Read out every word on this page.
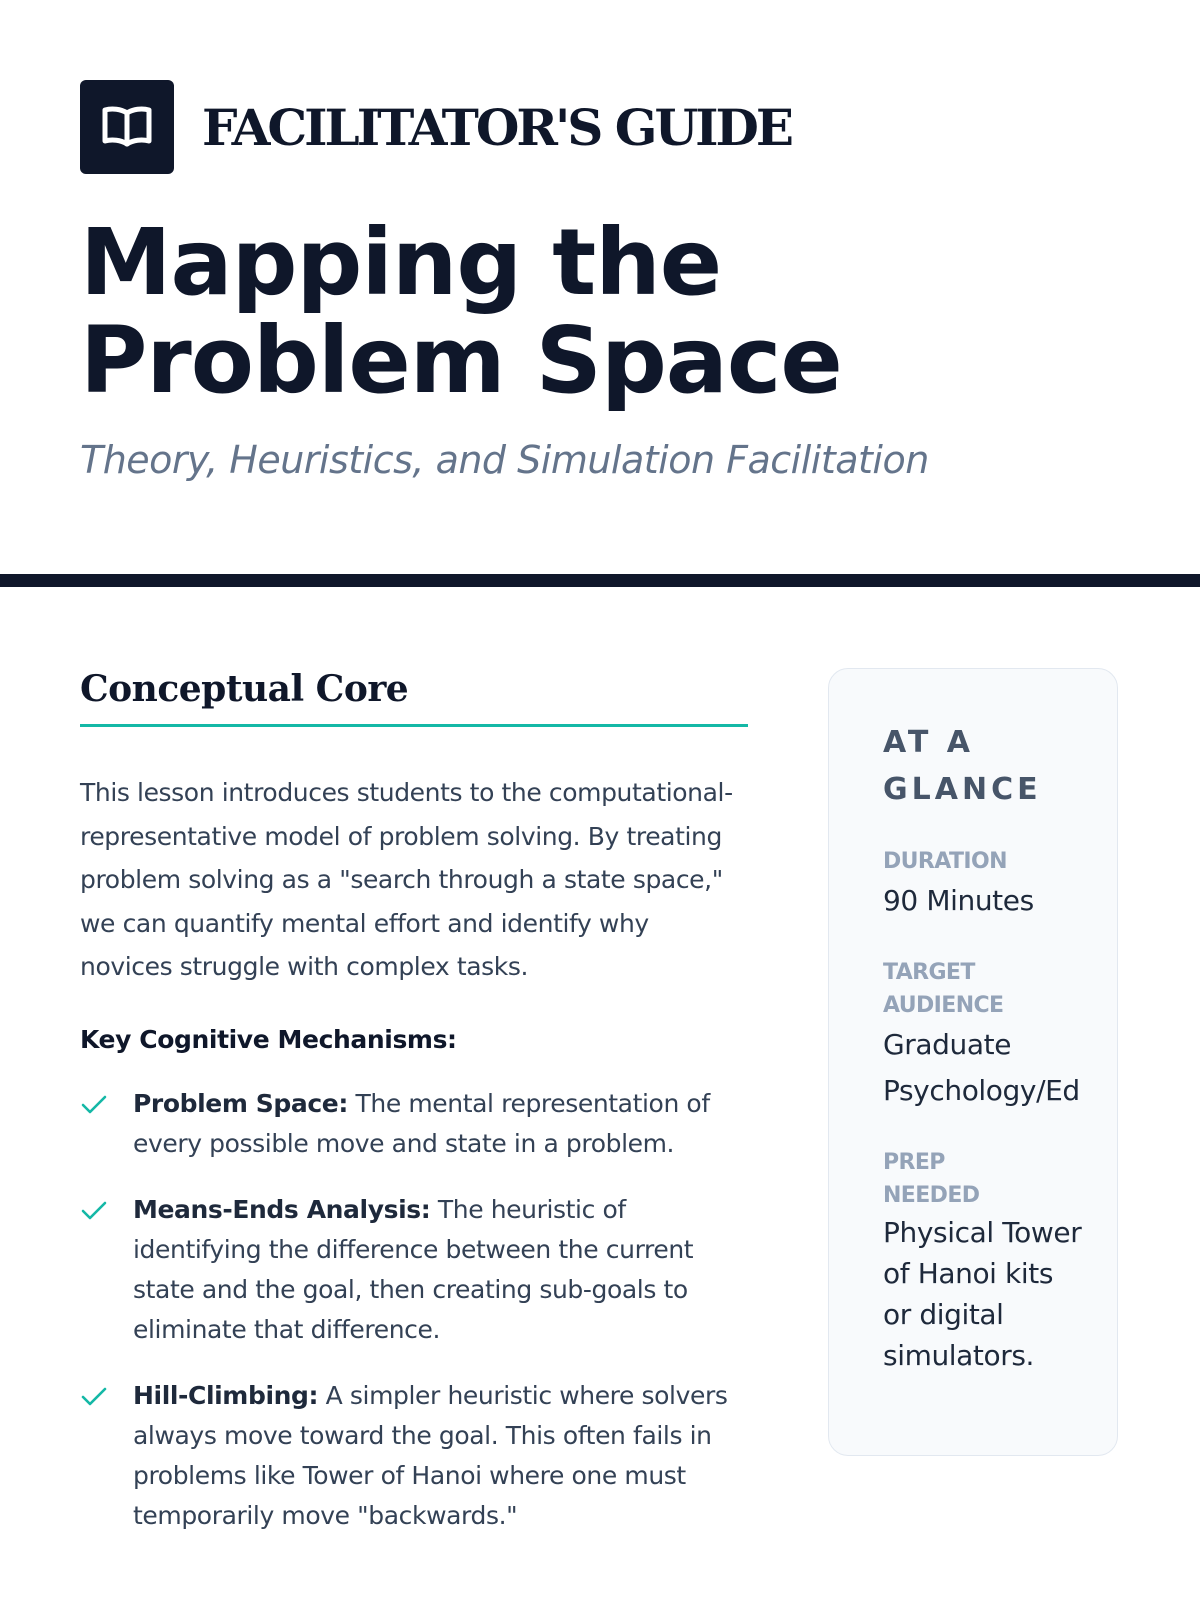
FACILITATOR'S GUIDE
Mapping the
Problem Space
Theory, Heuristics, and Simulation Facilitation
Conceptual Core

This lesson introduces students to the computational-representative model of problem solving. By treating problem solving as a "search through a state space," we can quantify mental effort and identify why novices struggle with complex tasks.

Key Cognitive Mechanisms:
Problem Space: The mental representation of every possible move and state in a problem.
Means-Ends Analysis: The heuristic of identifying the difference between the current state and the goal, then creating sub-goals to eliminate that difference.
Hill-Climbing: A simpler heuristic where solvers always move toward the goal. This often fails in problems like Tower of Hanoi where one must temporarily move "backwards."
AT A GLANCE
DURATION
90 Minutes
TARGET AUDIENCE
Graduate Psychology/Ed
PREP NEEDED
Physical Tower of Hanoi kits or digital simulators.
